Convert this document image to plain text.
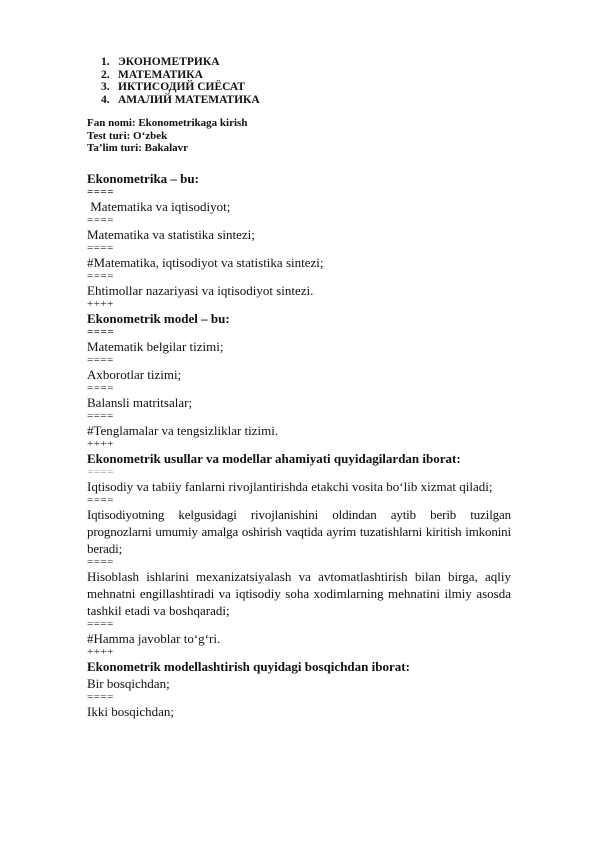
1. ЭКОНОМЕТРИКА
2. МАТЕМАТИКА
3. ИКТИСОДИЙ СИЁСАТ
4. АМАЛИЙ МАТЕМАТИКА
Fan nomi: Ekonometrikaga kirish
Test turi: O‘zbek
Ta’lim turi: Bakalavr
Ekonometrika – bu:
====
Matematika va iqtisodiyot;
====
Matematika va statistika sintezi;
====
#Matematika, iqtisodiyot va statistika sintezi;
====
Ehtimollar nazariyasi va iqtisodiyot sintezi.
++++
Ekonometrik model – bu:
====
Matematik belgilar tizimi;
====
Axborotlar tizimi;
====
Balansli matritsalar;
====
#Tenglamalar va tengsizliklar tizimi.
++++
Ekonometrik usullar va modellar ahamiyati quyidagilardan iborat:
====
Iqtisodiy va tabiiy fanlarni rivojlantirishda etakchi vosita bo‘lib xizmat qiladi;
====
Iqtisodiyotning kelgusidagi rivojlanishini oldindan aytib berib tuzilgan prognozlarni umumiy amalga oshirish vaqtida ayrim tuzatishlarni kiritish imkonini beradi;
====
Hisoblash ishlarini mexanizatsiyalash va avtomatlashtirish bilan birga, aqliy mehnatni engillashtiradi va iqtisodiy soha xodimlarning mehnatini ilmiy asosda tashkil etadi va boshqaradi;
====
#Hamma javoblar to‘g‘ri.
++++
Ekonometrik modellashtirish quyidagi bosqichdan iborat:
Bir bosqichdan;
====
Ikki bosqichdan;
